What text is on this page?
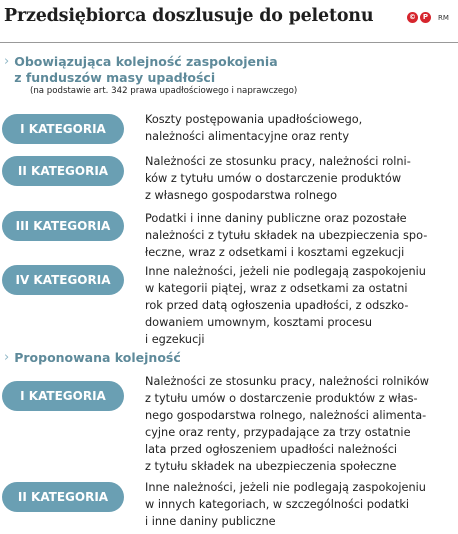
Przedsiębiorca doszlusuje do peletonu	© P	RM
› Obowiązująca kolejność zaspokojenia
z funduszów masy upadłości
(na podstawie art. 342 prawa upadłościowego i naprawczego)
I KATEGORIA
Koszty postępowania upadłościowego,
należności alimentacyjne oraz renty
II KATEGORIA
Należności ze stosunku pracy, należności rolni-
ków z tytułu umów o dostarczenie produktów
z własnego gospodarstwa rolnego
III KATEGORIA
Podatki i inne daniny publiczne oraz pozostałe
należności z tytułu składek na ubezpieczenia spo-
łeczne, wraz z odsetkami i kosztami egzekucji
IV KATEGORIA
Inne należności, jeżeli nie podlegają zaspokojeniu
w kategorii piątej, wraz z odsetkami za ostatni
rok przed datą ogłoszenia upadłości, z odszko-
dowaniem umownym, kosztami procesu
i egzekucji
› Proponowana kolejność
I KATEGORIA
Należności ze stosunku pracy, należności rolników
z tytułu umów o dostarczenie produktów z włas-
nego gospodarstwa rolnego, należności alimenta-
cyjne oraz renty, przypadające za trzy ostatnie
lata przed ogłoszeniem upadłości należności
z tytułu składek na ubezpieczenia społeczne
II KATEGORIA
Inne należności, jeżeli nie podlegają zaspokojeniu
w innych kategoriach, w szczególności podatki
i inne daniny publiczne
